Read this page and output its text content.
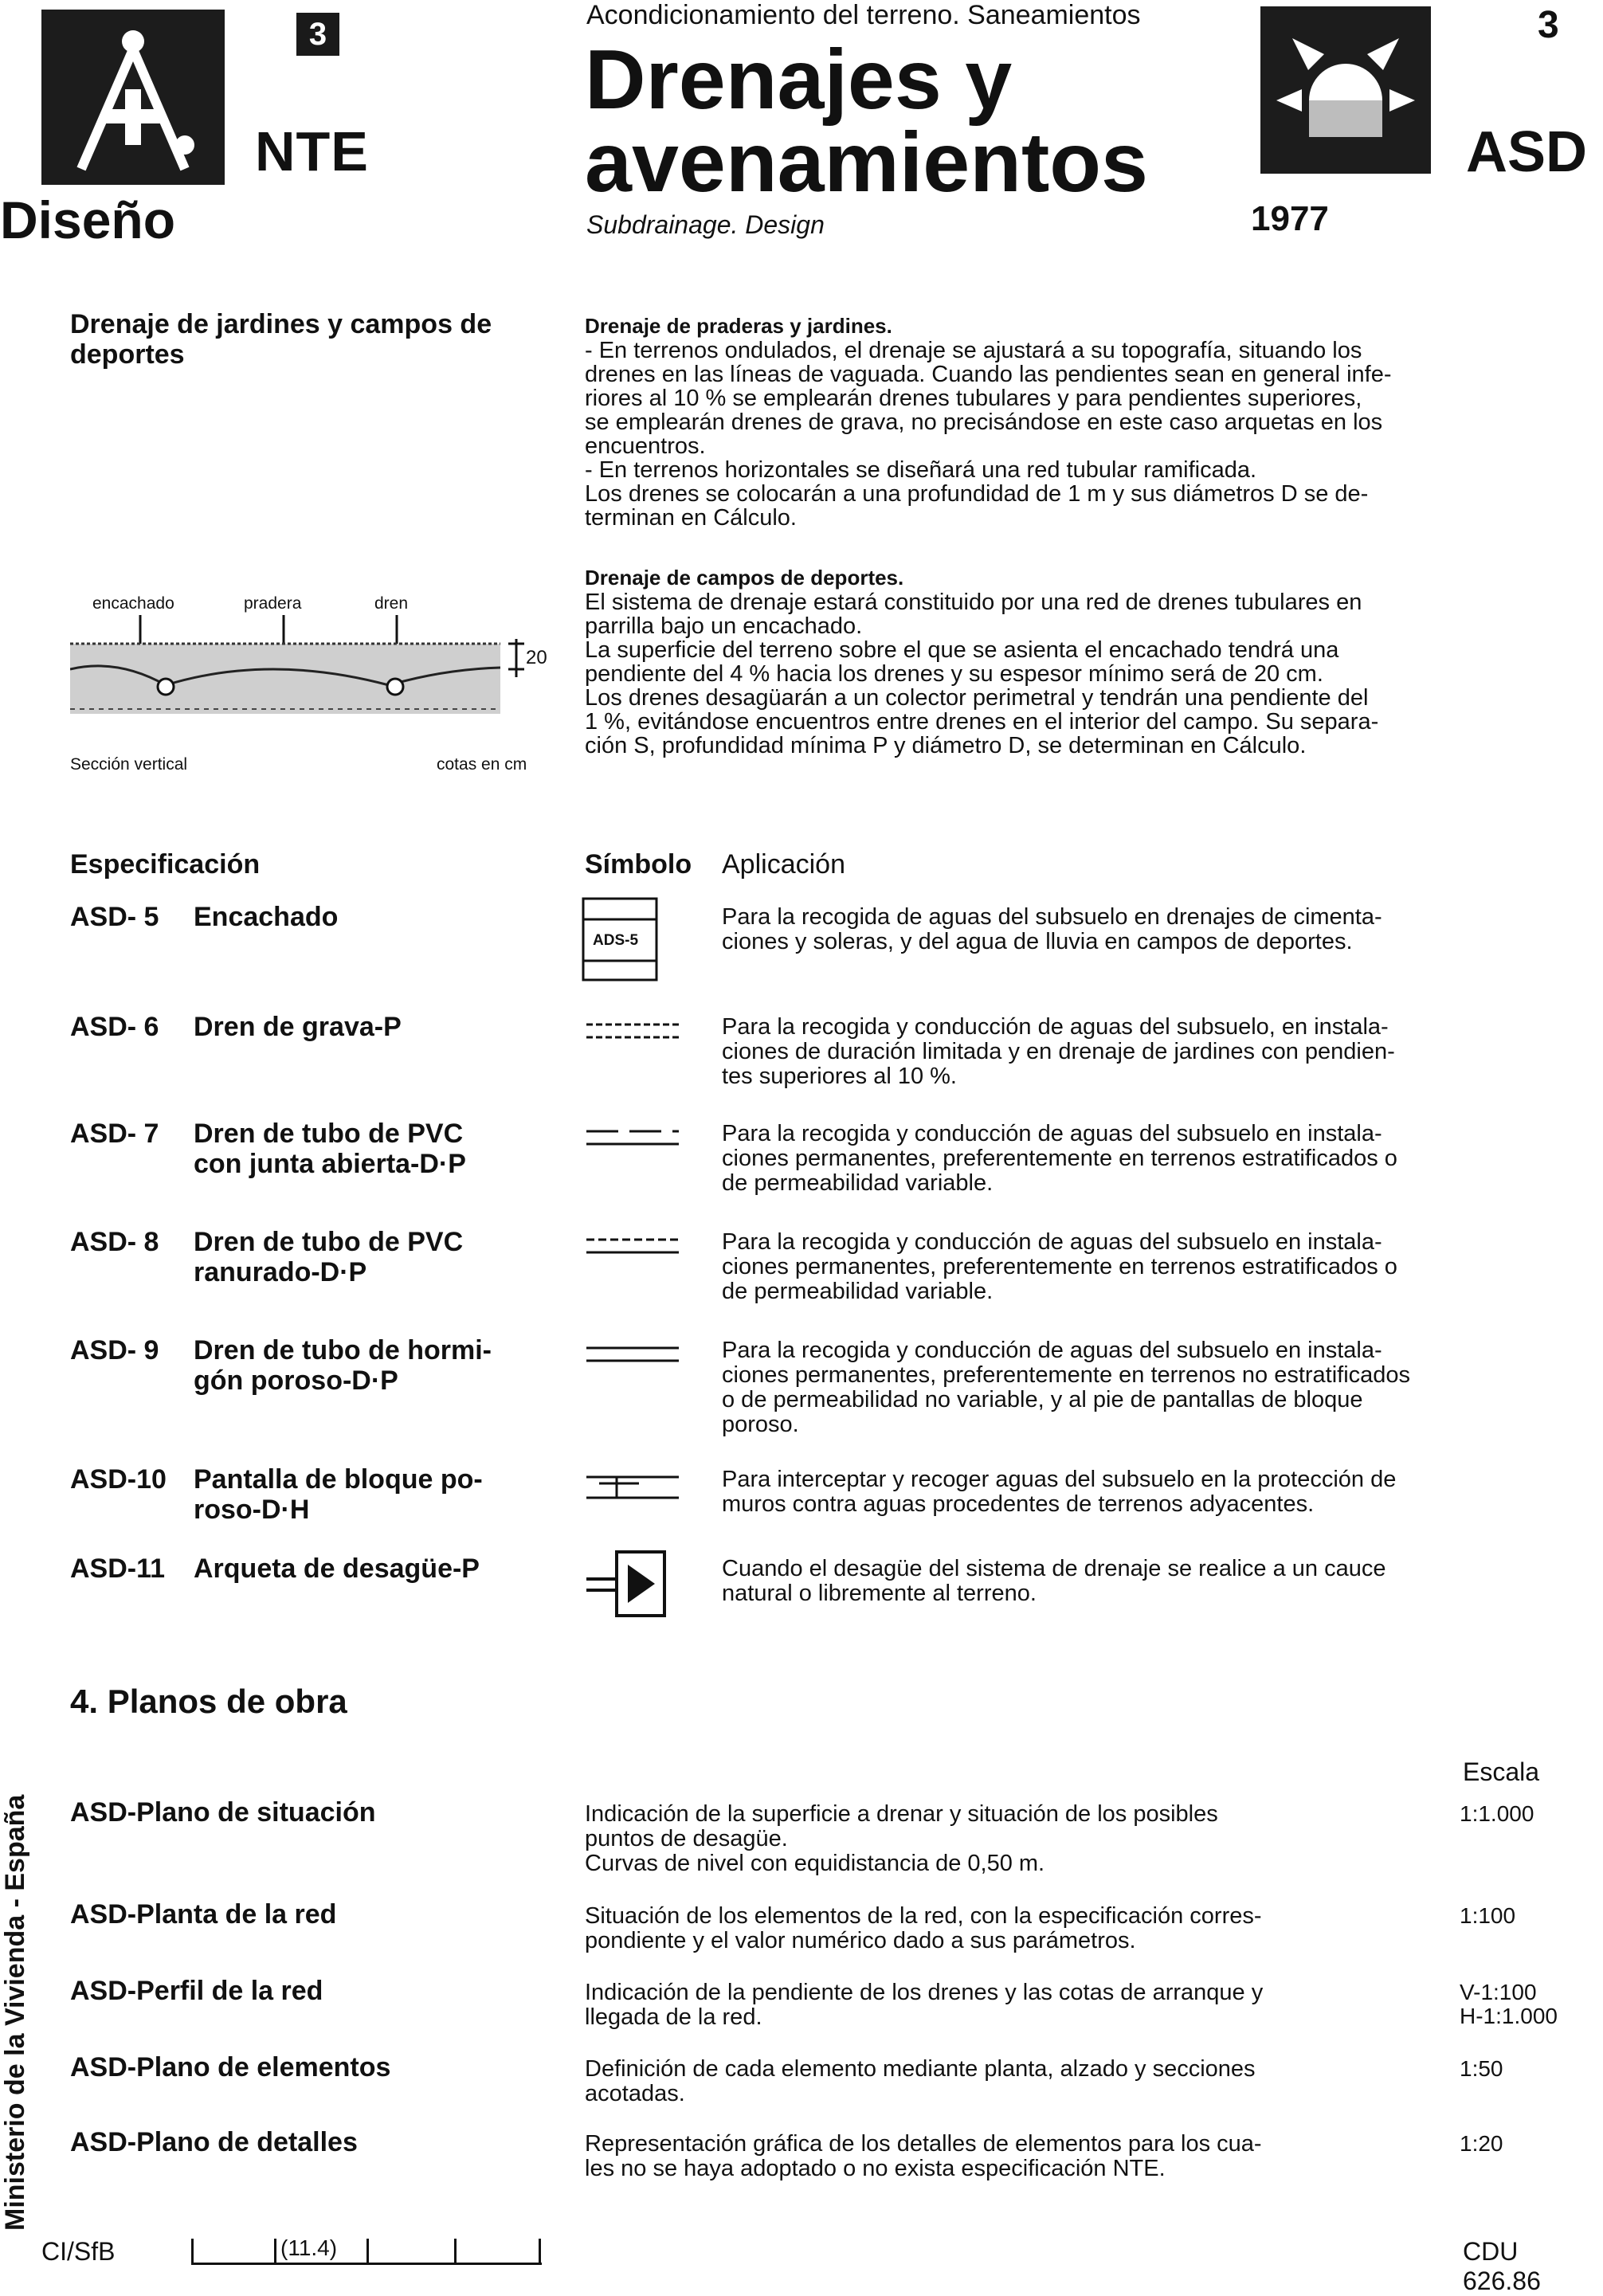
3
NTE
Diseño
Acondicionamiento del terreno. Saneamientos
Drenajes y
avenamientos
Subdrainage. Design	1977
3
ASD
Drenaje de jardines y campos de deportes
encachado	pradera	dren
20
Sección vertical	cotas en cm
Drenaje de praderas y jardines.
- En terrenos ondulados, el drenaje se ajustará a su topografía, situando los
drenes en las líneas de vaguada. Cuando las pendientes sean en general infe-
riores al 10 % se emplearán drenes tubulares y para pendientes superiores,
se emplearán drenes de grava, no precisándose en este caso arquetas en los
encuentros.
- En terrenos horizontales se diseñará una red tubular ramificada.
Los drenes se colocarán a una profundidad de 1 m y sus diámetros D se de-
terminan en Cálculo.
Drenaje de campos de deportes.
El sistema de drenaje estará constituido por una red de drenes tubulares en
parrilla bajo un encachado.
La superficie del terreno sobre el que se asienta el encachado tendrá una
pendiente del 4 % hacia los drenes y su espesor mínimo será de 20 cm.
Los drenes desagüarán a un colector perimetral y tendrán una pendiente del
1 %, evitándose encuentros entre drenes en el interior del campo. Su separa-
ción S, profundidad mínima P y diámetro D, se determinan en Cálculo.
Especificación	Símbolo Aplicación
ASD- 5 Encachado
ADS-5
Para la recogida de aguas del subsuelo en drenajes de cimenta-
ciones y soleras, y del agua de lluvia en campos de deportes.
ASD- 6 Dren de grava-P	Para la recogida y conducción de aguas del subsuelo, en instala-
ciones de duración limitada y en drenaje de jardines con pendien-
tes superiores al 10 %.
ASD- 7 Dren de tubo de PVC
con junta abierta-D·P
Para la recogida y conducción de aguas del subsuelo en instala-
ciones permanentes, preferentemente en terrenos estratificados o
de permeabilidad variable.
ASD- 8 Dren de tubo de PVC
ranurado-D·P
Para la recogida y conducción de aguas del subsuelo en instala-
ciones permanentes, preferentemente en terrenos estratificados o
de permeabilidad variable.
ASD- 9 Dren de tubo de hormi-
gón poroso-D·P
Para la recogida y conducción de aguas del subsuelo en instala-
ciones permanentes, preferentemente en terrenos no estratificados
o de permeabilidad no variable, y al pie de pantallas de bloque
poroso.
ASD-10 Pantalla de bloque po-
roso-D·H
Para interceptar y recoger aguas del subsuelo en la protección de
muros contra aguas procedentes de terrenos adyacentes.
ASD-11 Arqueta de desagüe-P	Cuando el desagüe del sistema de drenaje se realice a un cauce
natural o libremente al terreno.
4. Planos de obra
Escala
ASD-Plano de situación	Indicación de la superficie a drenar y situación de los posibles
puntos de desagüe.
Curvas de nivel con equidistancia de 0,50 m.
1:1.000
ASD-Planta de la red	Situación de los elementos de la red, con la especificación corres-
pondiente y el valor numérico dado a sus parámetros.
1:100
ASD-Perfil de la red	Indicación de la pendiente de los drenes y las cotas de arranque y
llegada de la red.
V-1:100
H-1:1.000
ASD-Plano de elementos	Definición de cada elemento mediante planta, alzado y secciones
acotadas.
1:50
ASD-Plano de detalles	Representación gráfica de los detalles de elementos para los cua-
les no se haya adoptado o no exista especificación NTE.
1:20
Ministerio de la Vivienda - España
CI/SfB	(11.4)	CDU 626.86
